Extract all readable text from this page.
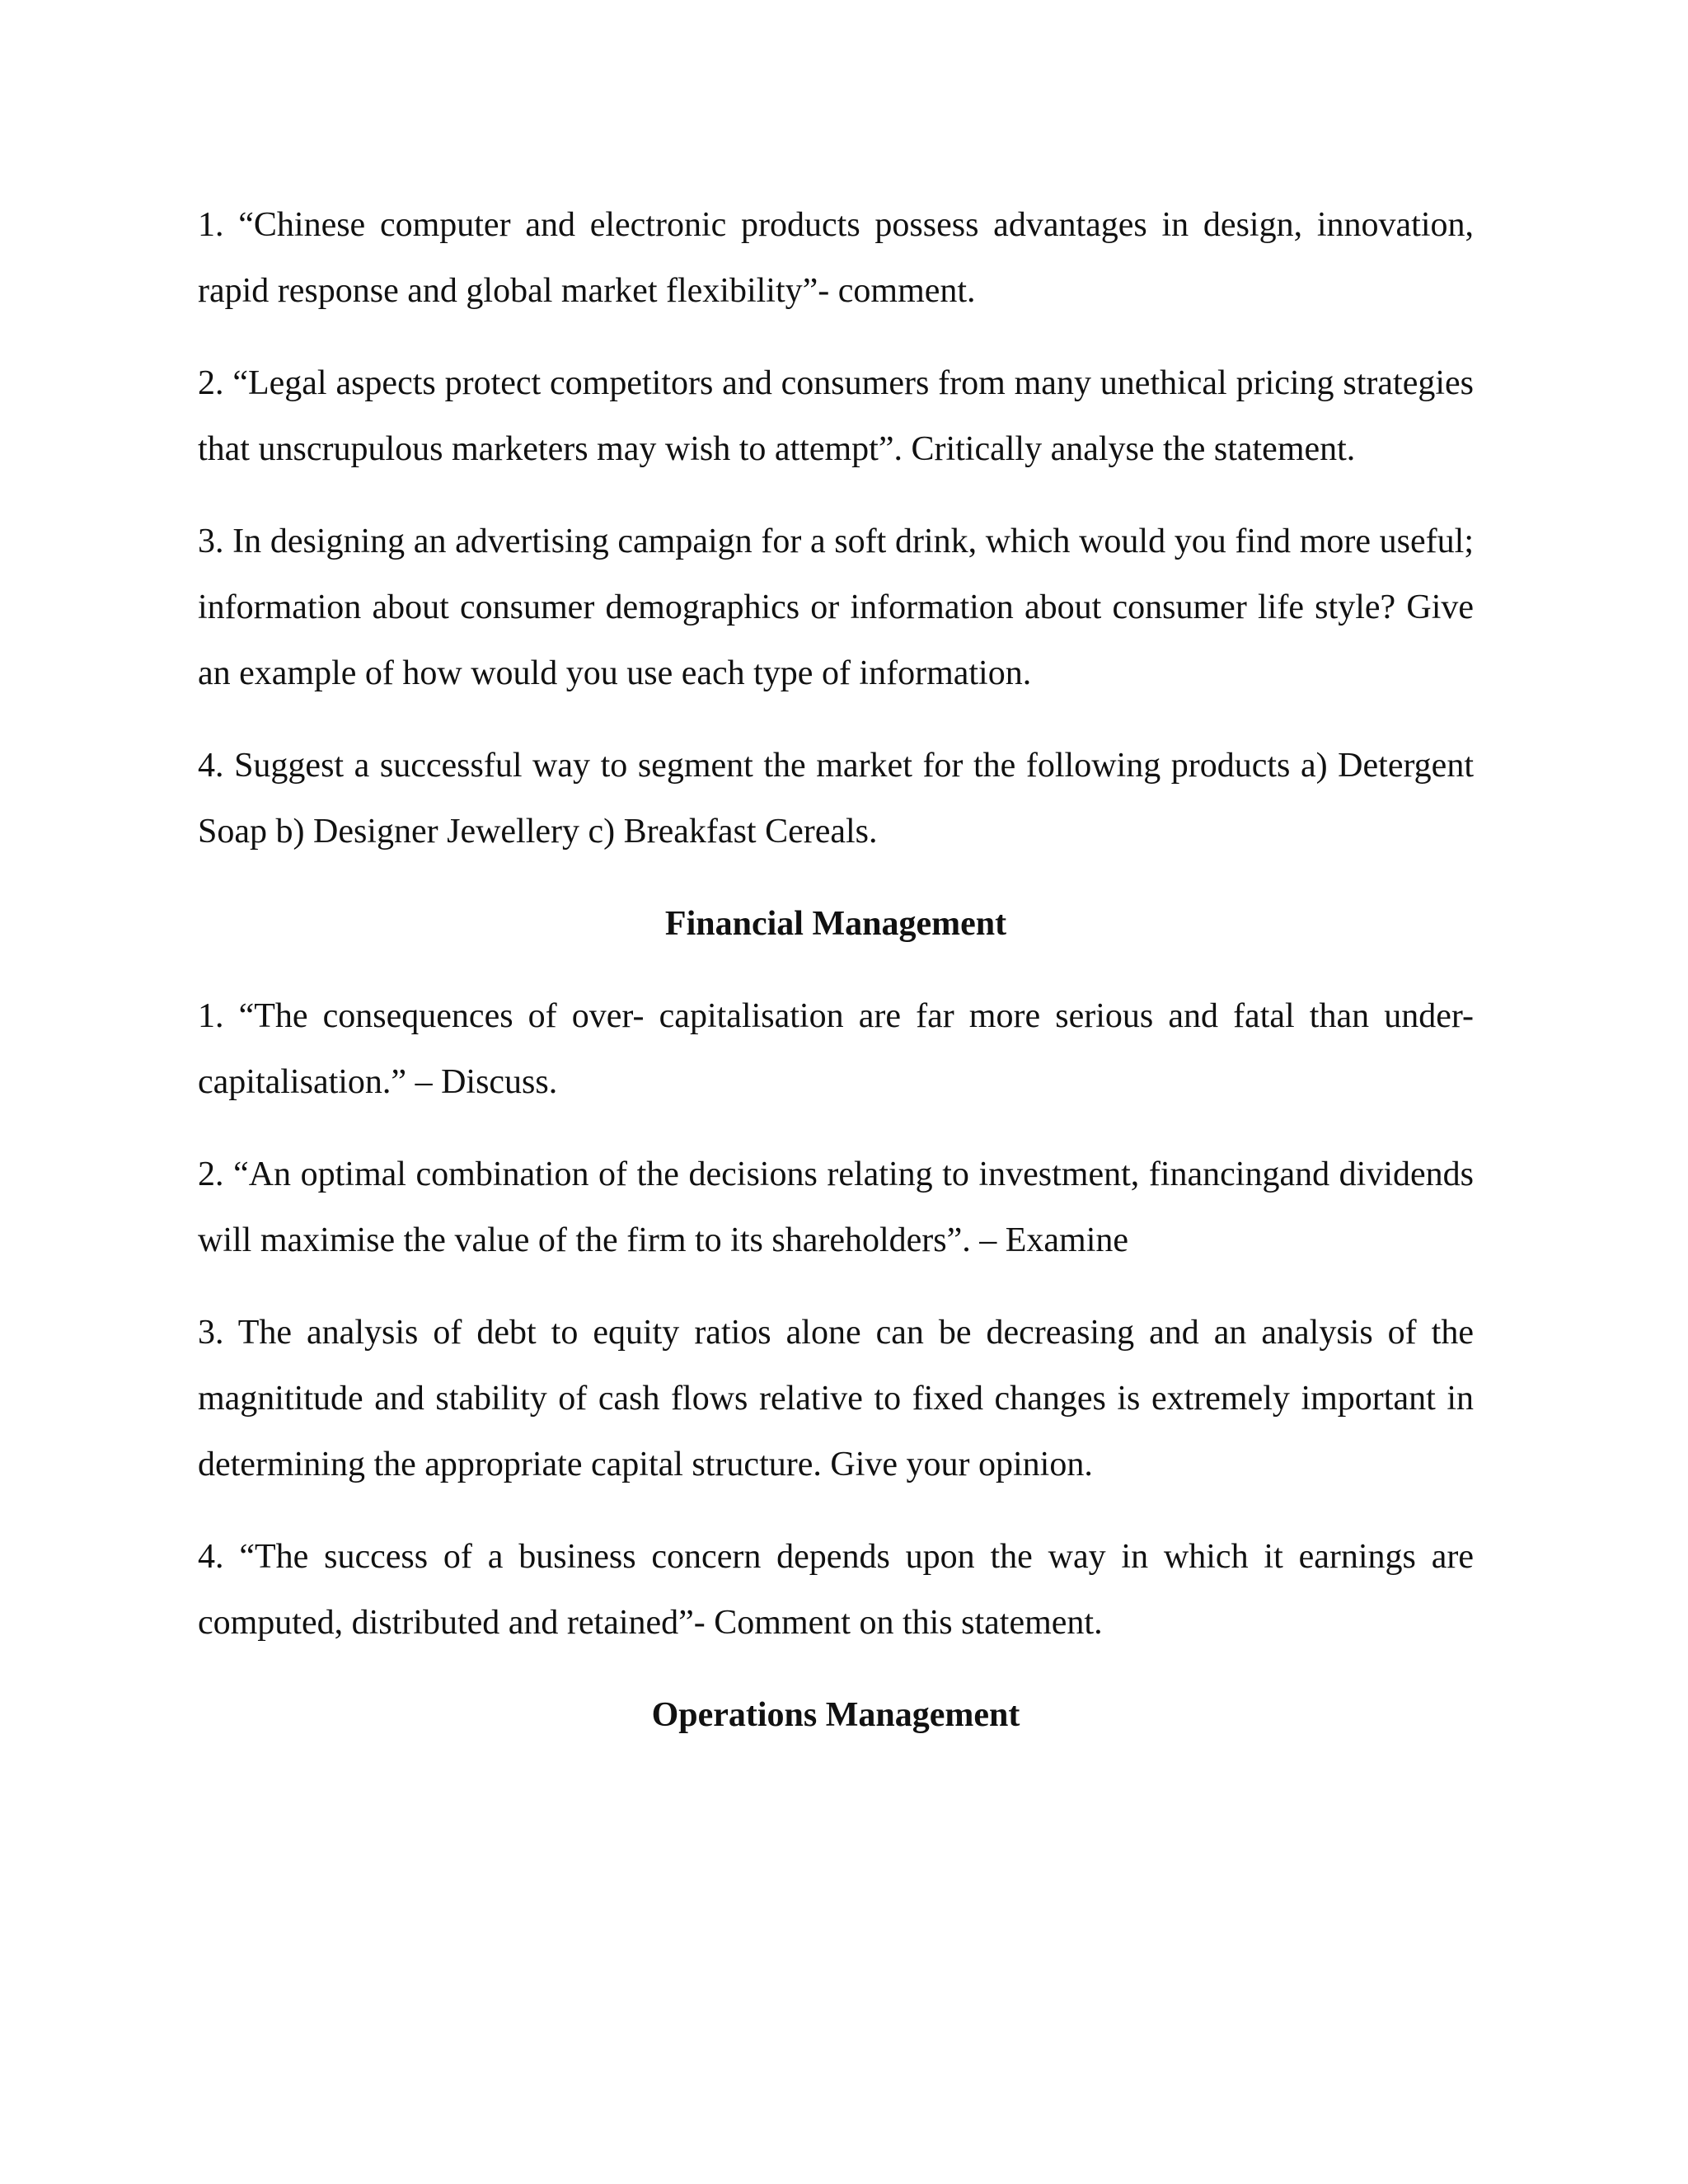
1. “Chinese computer and electronic products possess advantages in design, innovation, rapid response and global market flexibility”- comment.

2. “Legal aspects protect competitors and consumers from many unethical pricing strategies that unscrupulous marketers may wish to attempt”. Critically analyse the statement.

3. In designing an advertising campaign for a soft drink, which would you find more useful; information about consumer demographics or information about consumer life style? Give an example of how would you use each type of information.

4. Suggest a successful way to segment the market for the following products a) Detergent Soap b) Designer Jewellery c) Breakfast Cereals.

Financial Management

1. “The consequences of over- capitalisation are far more serious and fatal than under-capitalisation.” – Discuss.

2. “An optimal combination of the decisions relating to investment, financingand dividends will maximise the value of the firm to its shareholders”. – Examine

3. The analysis of debt to equity ratios alone can be decreasing and an analysis of the magnititude and stability of cash flows relative to fixed changes is extremely important in determining the appropriate capital structure. Give your opinion.

4. “The success of a business concern depends upon the way in which it earnings are computed, distributed and retained”- Comment on this statement.

Operations Management
